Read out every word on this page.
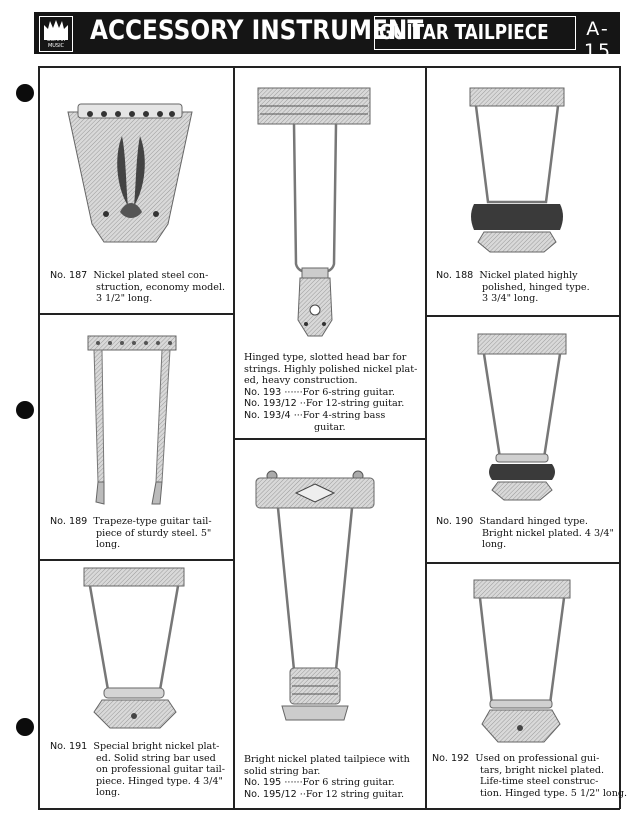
GUITAR MUSIC ACCESSORY INSTRUMENT
GUITAR TAILPIECE	A-15
No. 187 Nickel plated steel con-
struction, economy model.
3 1/2" long.
No. 189 Trapeze-type guitar tail-
piece of sturdy steel. 5"
long.
No. 191 Special bright nickel plat-
ed. Solid string bar used
on professional guitar tail-
piece. Hinged type. 4 3/4"
long.
Hinged type, slotted head bar for
strings. Highly polished nickel plat-
ed, heavy construction.
No. 193 ······For 6-string guitar.
No. 193/12 ··For 12-string guitar.
No. 193/4 ···For 4-string bass
guitar.
Bright nickel plated tailpiece with
solid string bar.
No. 195 ······For 6 string guitar.
No. 195/12 ··For 12 string guitar.
No. 188 Nickel plated highly
polished, hinged type.
3 3/4" long.
No. 190 Standard hinged type.
Bright nickel plated. 4 3/4"
long.
No. 192 Used on professional gui-
tars, bright nickel plated.
Life-time steel construc-
tion. Hinged type. 5 1/2" long.
